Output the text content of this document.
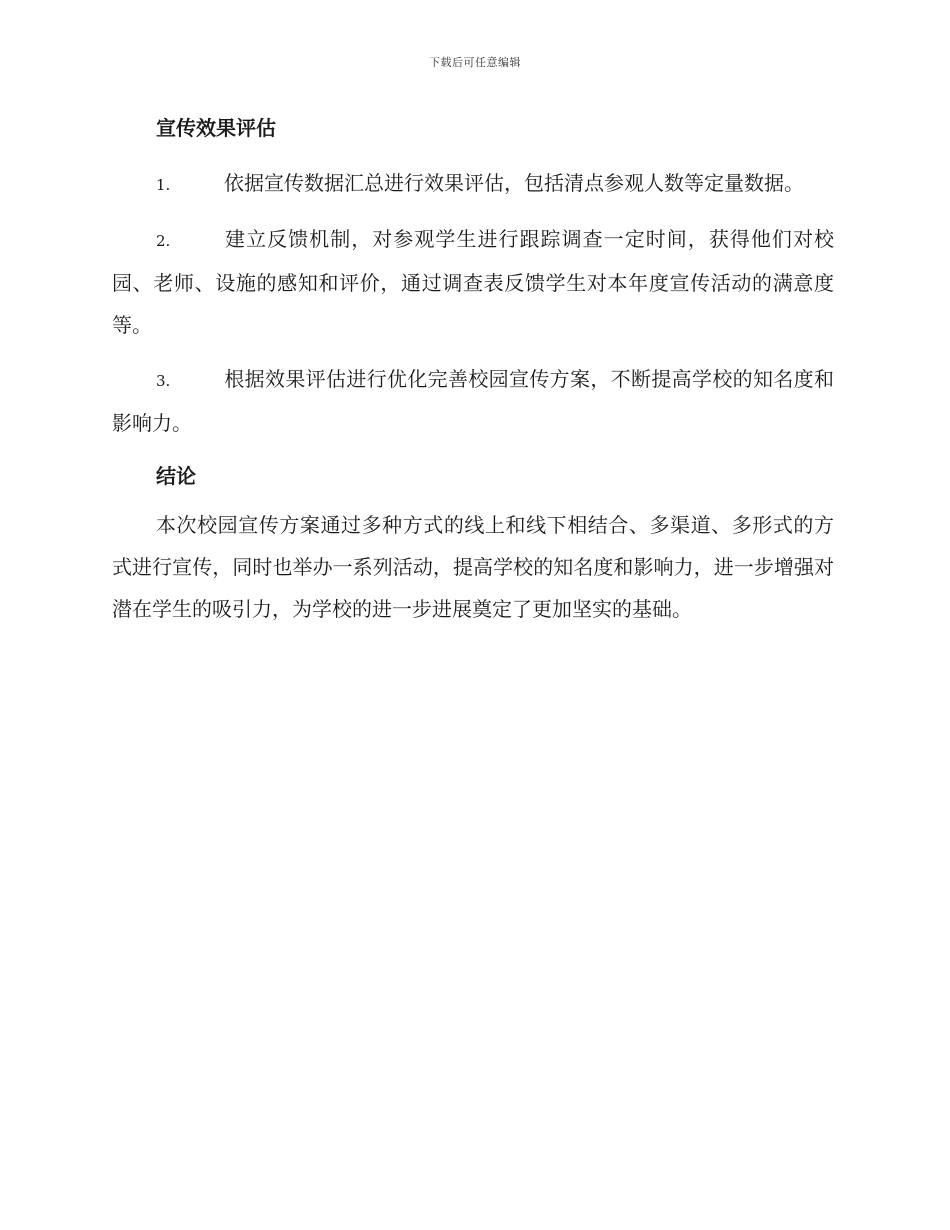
下载后可任意编辑
宣传效果评估

1.	依据宣传数据汇总进行效果评估，包括清点参观人数等定量数据。

2.	建立反馈机制，对参观学生进行跟踪调查一定时间，获得他们对校园、老师、设施的感知和评价，通过调查表反馈学生对本年度宣传活动的满意度等。

3.	根据效果评估进行优化完善校园宣传方案，不断提高学校的知名度和影响力。

结论

本次校园宣传方案通过多种方式的线上和线下相结合、多渠道、多形式的方式进行宣传，同时也举办一系列活动，提高学校的知名度和影响力，进一步增强对潜在学生的吸引力，为学校的进一步进展奠定了更加坚实的基础。
